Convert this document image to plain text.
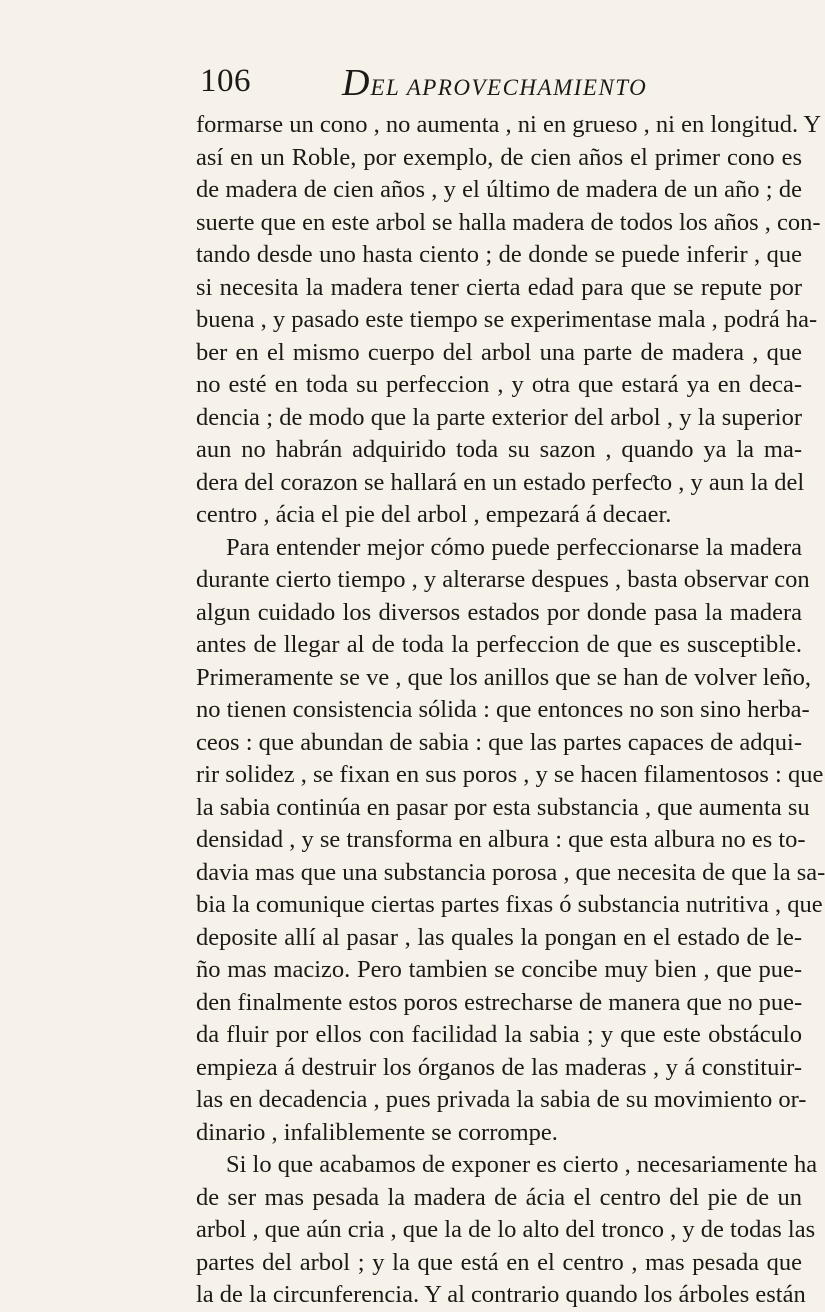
106 DEL APROVECHAMIENTO
formarse un cono , no aumenta , ni en grueso , ni en longitud. Y
así en un Roble, por exemplo, de cien años el primer cono es
de madera de cien años , y el último de madera de un año ; de
suerte que en este arbol se halla madera de todos los años , con-
tando desde uno hasta ciento ; de donde se puede inferir , que
si necesita la madera tener cierta edad para que se repute por
buena , y pasado este tiempo se experimentase mala , podrá ha-
ber en el mismo cuerpo del arbol una parte de madera , que
no esté en toda su perfeccion , y otra que estará ya en deca-
dencia ; de modo que la parte exterior del arbol , y la superior
aun no habrán adquirido toda su sazon , quando ya la ma-
dera del corazon se hallará en un estado perfeƈto , y aun la del
centro , ácia el pie del arbol , empezará á decaer.
Para entender mejor cómo puede perfeccionarse la madera
durante cierto tiempo , y alterarse despues , basta observar con
algun cuidado los diversos estados por donde pasa la madera
antes de llegar al de toda la perfeccion de que es susceptible.
Primeramente se ve , que los anillos que se han de volver leño,
no tienen consistencia sólida : que entonces no son sino herba-
ceos : que abundan de sabia : que las partes capaces de adqui-
rir solidez , se fixan en sus poros , y se hacen filamentosos : que
la sabia continúa en pasar por esta substancia , que aumenta su
densidad , y se transforma en albura : que esta albura no es to-
davia mas que una substancia porosa , que necesita de que la sa-
bia la comunique ciertas partes fixas ó substancia nutritiva , que
deposite allí al pasar , las quales la pongan en el estado de le-
ño mas macizo. Pero tambien se concibe muy bien , que pue-
den finalmente estos poros estrecharse de manera que no pue-
da fluir por ellos con facilidad la sabia ; y que este obstáculo
empieza á destruir los órganos de las maderas , y á constituir-
las en decadencia , pues privada la sabia de su movimiento or-
dinario , infaliblemente se corrompe.
Si lo que acabamos de exponer es cierto , necesariamente ha
de ser mas pesada la madera de ácia el centro del pie de un
arbol , que aún cria , que la de lo alto del tronco , y de todas las
partes del arbol ; y la que está en el centro , mas pesada que
la de la circunferencia. Y al contrario quando los árboles están
